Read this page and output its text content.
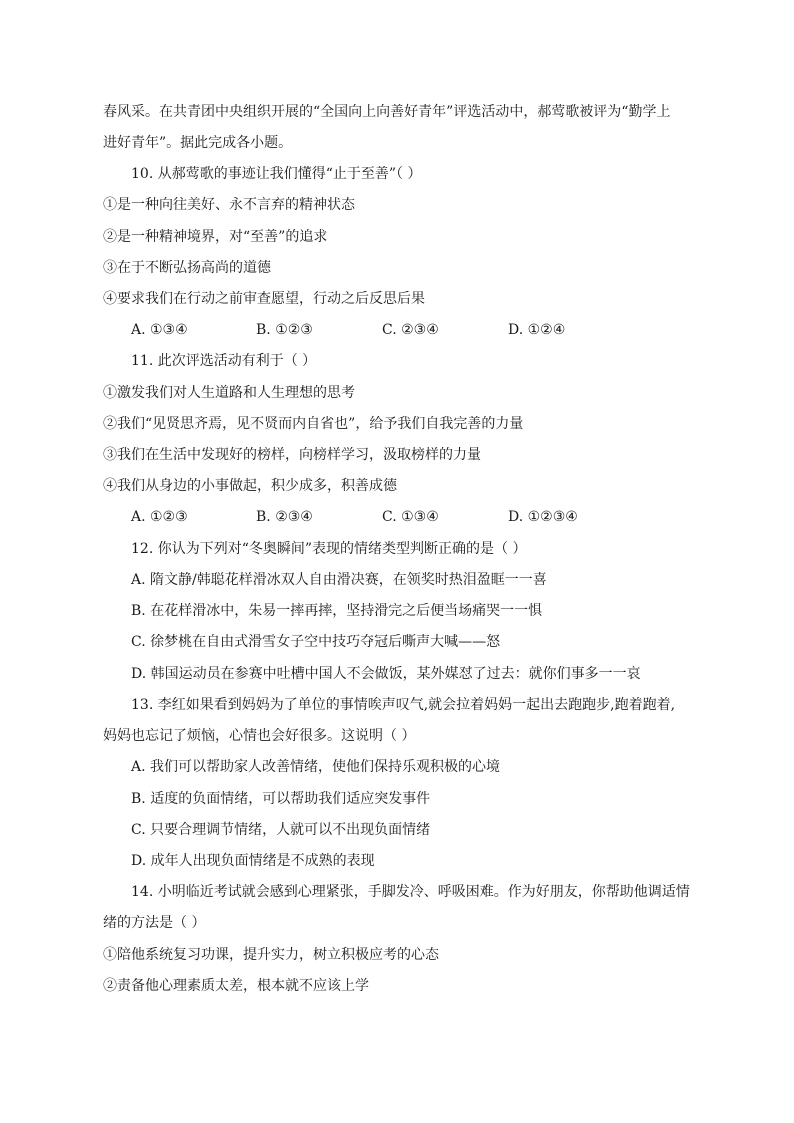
春风采。在共青团中央组织开展的“全国向上向善好青年”评选活动中，郝莺歌被评为“勤学上
进好青年”。据此完成各小题。
10. 从郝莺歌的事迹让我们懂得“止于至善”（ ）
①是一种向往美好、永不言弃的精神状态
②是一种精神境界，对“至善”的追求
③在于不断弘扬高尚的道德
④要求我们在行动之前审查愿望，行动之后反思后果
A. ①③④	B. ①②③	C. ②③④	D. ①②④
11. 此次评选活动有利于（ ）
①激发我们对人生道路和人生理想的思考
②我们“见贤思齐焉，见不贤而内自省也”，给予我们自我完善的力量
③我们在生活中发现好的榜样，向榜样学习，汲取榜样的力量
④我们从身边的小事做起，积少成多，积善成德
A. ①②③	B. ②③④	C. ①③④	D. ①②③④
12. 你认为下列对“冬奥瞬间”表现的情绪类型判断正确的是（ ）
A. 隋文静/韩聪花样滑冰双人自由滑决赛，在领奖时热泪盈眶一一喜
B. 在花样滑冰中，朱易一摔再摔，坚持滑完之后便当场痛哭一一惧
C. 徐梦桃在自由式滑雪女子空中技巧夺冠后嘶声大喊——怒
D. 韩国运动员在参赛中吐槽中国人不会做饭，某外媒怼了过去：就你们事多一一哀
13. 李红如果看到妈妈为了单位的事情唉声叹气,就会拉着妈妈一起出去跑跑步,跑着跑着,
妈妈也忘记了烦恼，心情也会好很多。这说明（ ）
A. 我们可以帮助家人改善情绪，使他们保持乐观积极的心境
B. 适度的负面情绪，可以帮助我们适应突发事件
C. 只要合理调节情绪，人就可以不出现负面情绪
D. 成年人出现负面情绪是不成熟的表现
14. 小明临近考试就会感到心理紧张，手脚发冷、呼吸困难。作为好朋友，你帮助他调适情
绪的方法是（ ）
①陪他系统复习功课，提升实力，树立积极应考的心态
②责备他心理素质太差，根本就不应该上学
